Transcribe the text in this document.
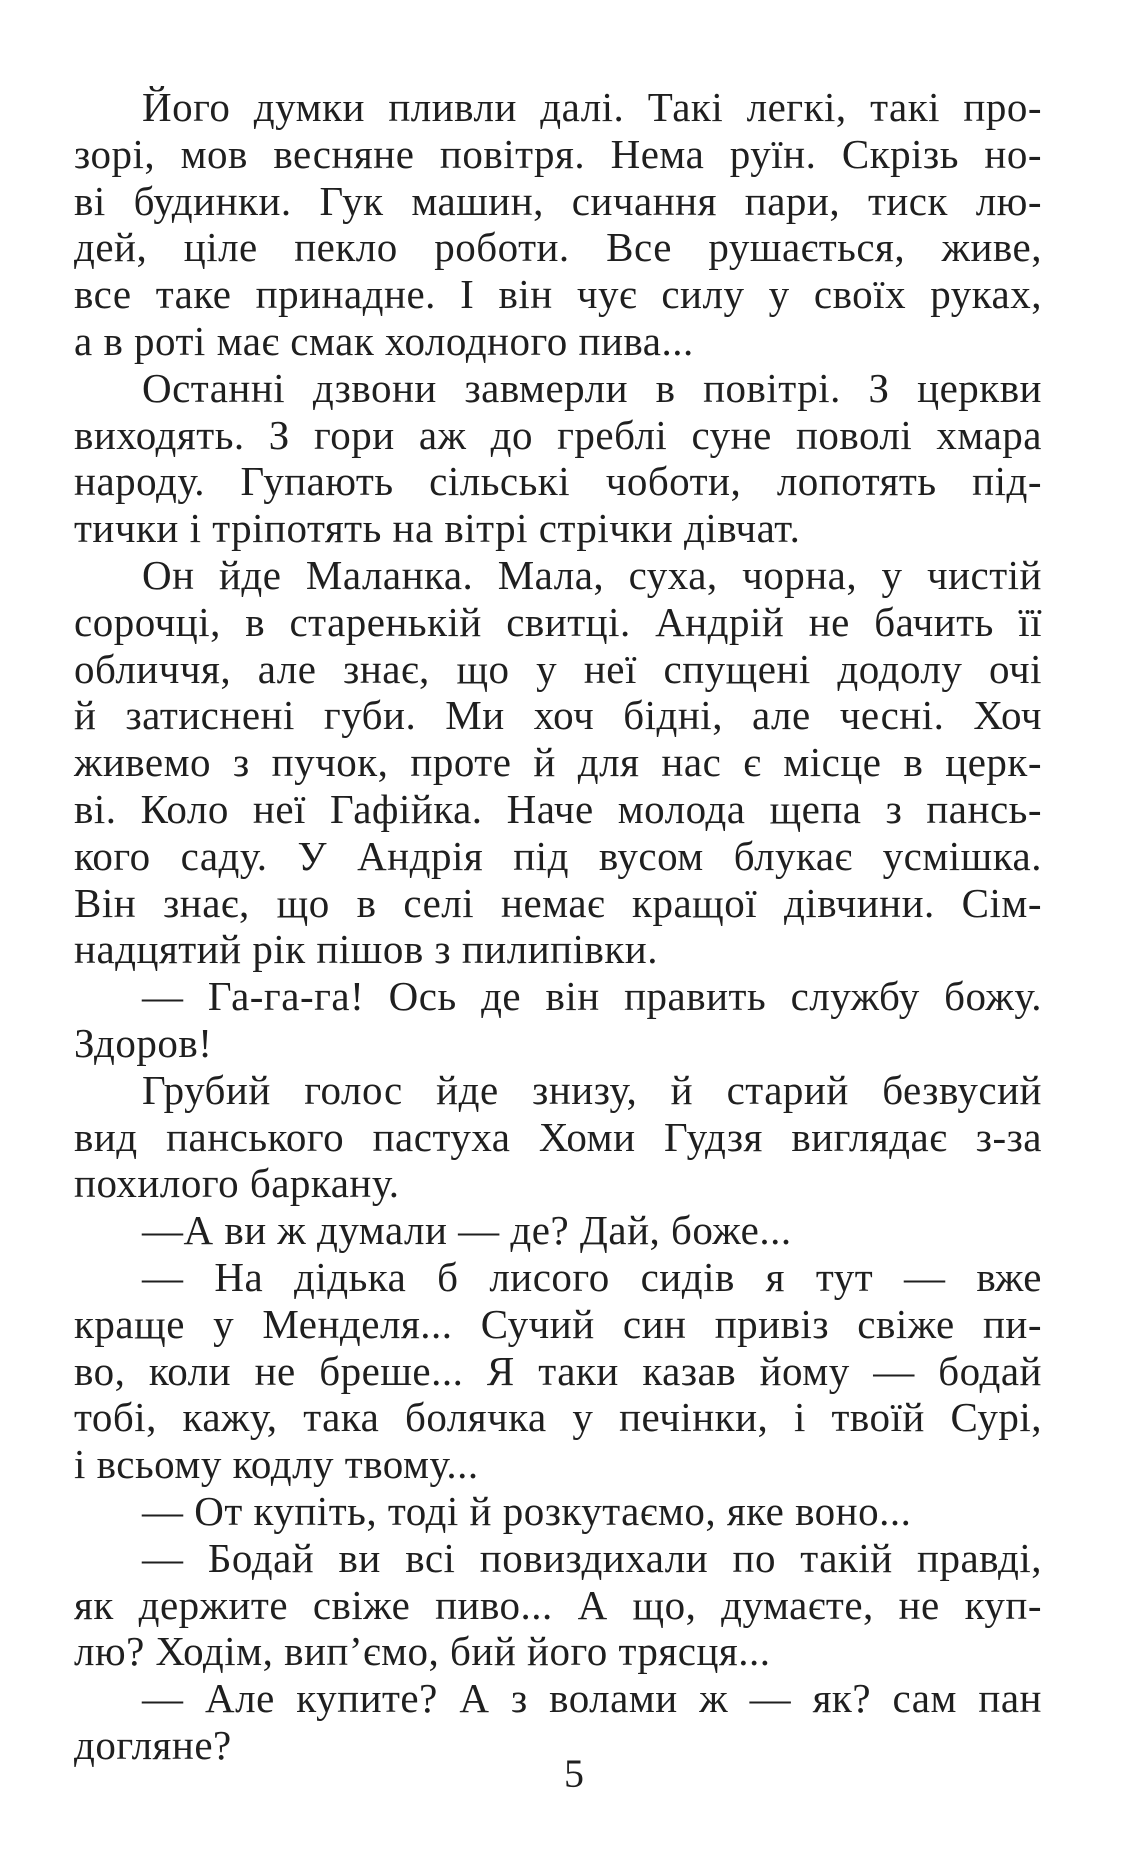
Його думки пливли далі. Такі легкі, такі про-
зорі, мов весняне повітря. Нема руїн. Скрізь но-
ві будинки. Гук машин, сичання пари, тиск лю-
дей, ціле пекло роботи. Все рушається, живе,
все таке принадне. І він чує силу у своїх руках,
а в роті має смак холодного пива...
Останні дзвони завмерли в повітрі. З церкви
виходять. З гори аж до греблі суне поволі хмара
народу. Гупають сільські чоботи, лопотять під-
тички і тріпотять на вітрі стрічки дівчат.
Он йде Маланка. Мала, суха, чорна, у чистій
сорочці, в старенькій свитці. Андрій не бачить її
обличчя, але знає, що у неї спущені додолу очі
й затиснені губи. Ми хоч бідні, але чесні. Хоч
живемо з пучок, проте й для нас є місце в церк-
ві. Коло неї Гафійка. Наче молода щепа з пансь-
кого саду. У Андрія під вусом блукає усмішка.
Він знає, що в селі немає кращої дівчини. Сім-
надцятий рік пішов з пилипівки.
— Га-га-га! Ось де він править службу божу.
Здоров!
Грубий голос йде знизу, й старий безвусий
вид панського пастуха Хоми Гудзя виглядає з-за
похилого баркану.
—А ви ж думали — де? Дай, боже...
— На дідька б лисого сидів я тут — вже
краще у Менделя... Сучий син привіз свіже пи-
во, коли не бреше... Я таки казав йому — бодай
тобі, кажу, така болячка у печінки, і твоїй Сурі,
і всьому кодлу твому...
— От купіть, тоді й розкутаємо, яке воно...
— Бодай ви всі повиздихали по такій правді,
як держите свіже пиво... А що, думаєте, не куп-
лю? Ходім, вип’ємо, бий його трясця...
— Але купите? А з волами ж — як? сам пан
догляне?
5
